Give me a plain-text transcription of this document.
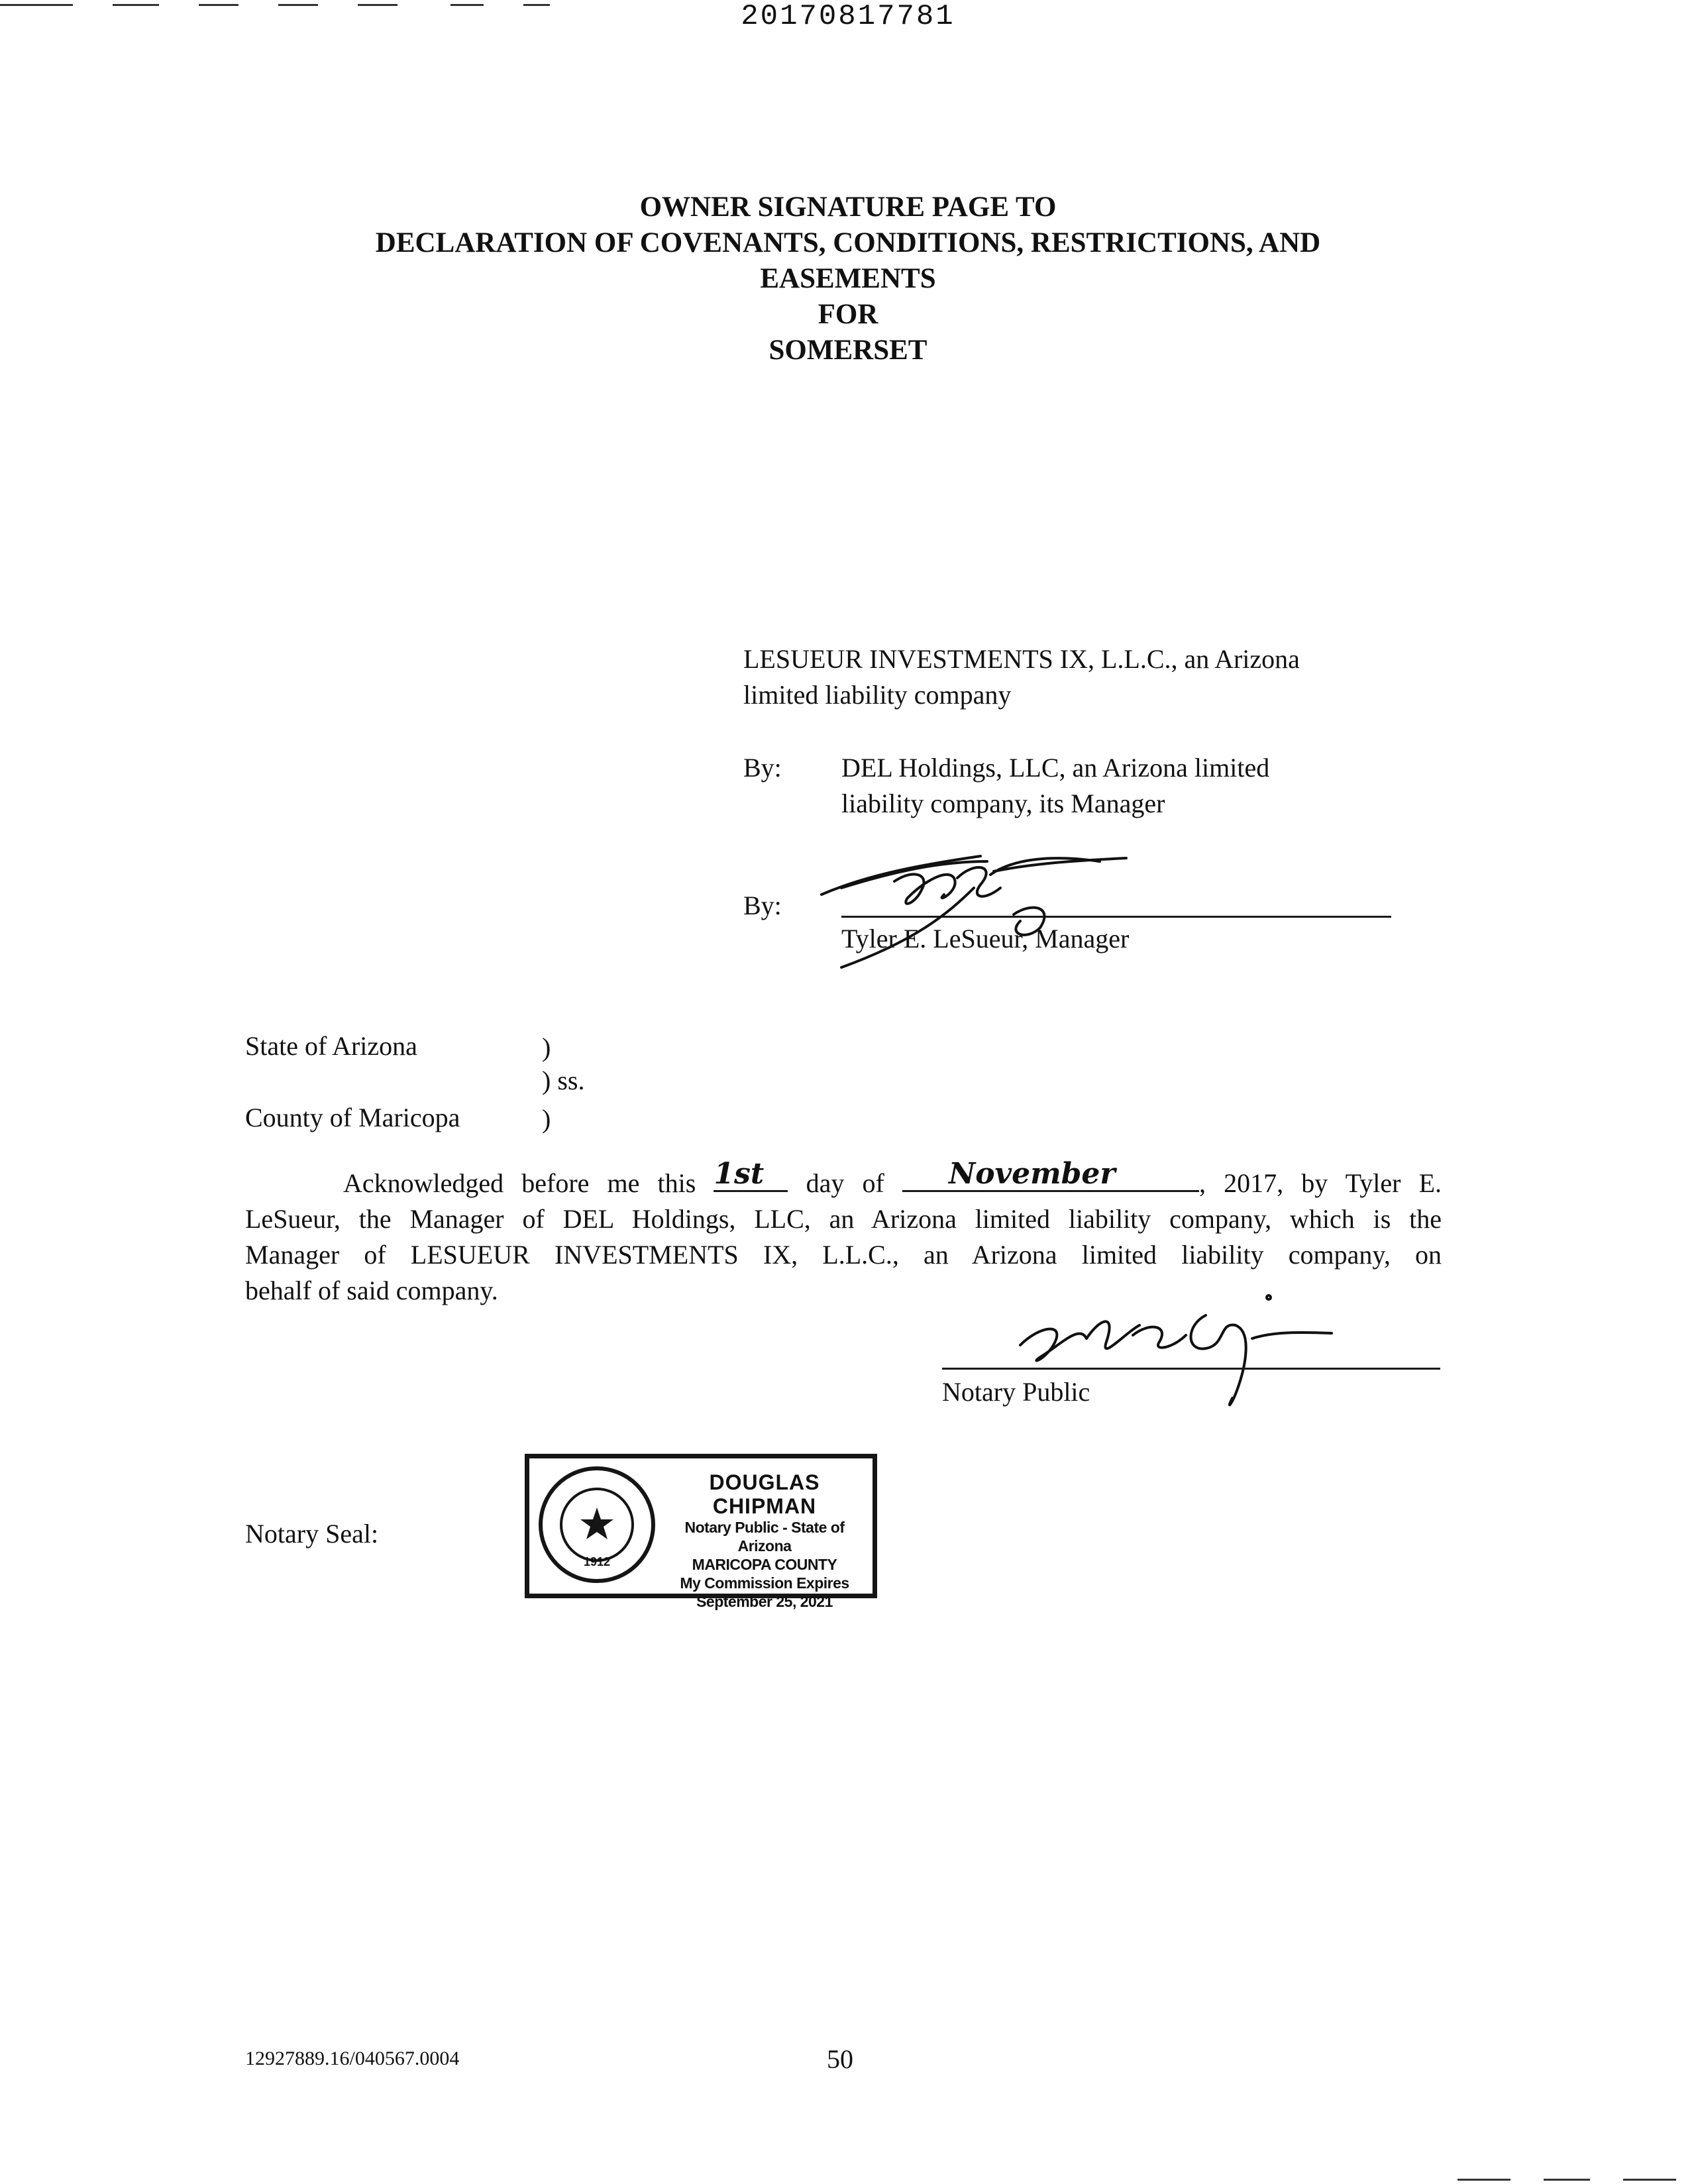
20170817781
OWNER SIGNATURE PAGE TO
DECLARATION OF COVENANTS, CONDITIONS, RESTRICTIONS, AND
EASEMENTS
FOR
SOMERSET
LESUEUR INVESTMENTS IX, L.L.C., an Arizona
limited liability company
By: DEL Holdings, LLC, an Arizona limited
liability company, its Manager
By:
Tyler E. LeSueur, Manager
State of Arizona	)
) ss.
County of Maricopa	)
Acknowledged before me this 1st	day of	November	, 2017, by Tyler E.
LeSueur, the Manager of DEL Holdings, LLC, an Arizona limited liability company, which is the
Manager of LESUEUR INVESTMENTS IX, L.L.C., an Arizona limited liability company, on
behalf of said company.
Notary Public
Notary Seal:
1912
DOUGLAS CHIPMAN
Notary Public - State of Arizona
MARICOPA COUNTY
My Commission Expires
September 25, 2021
12927889.16/040567.0004	50
